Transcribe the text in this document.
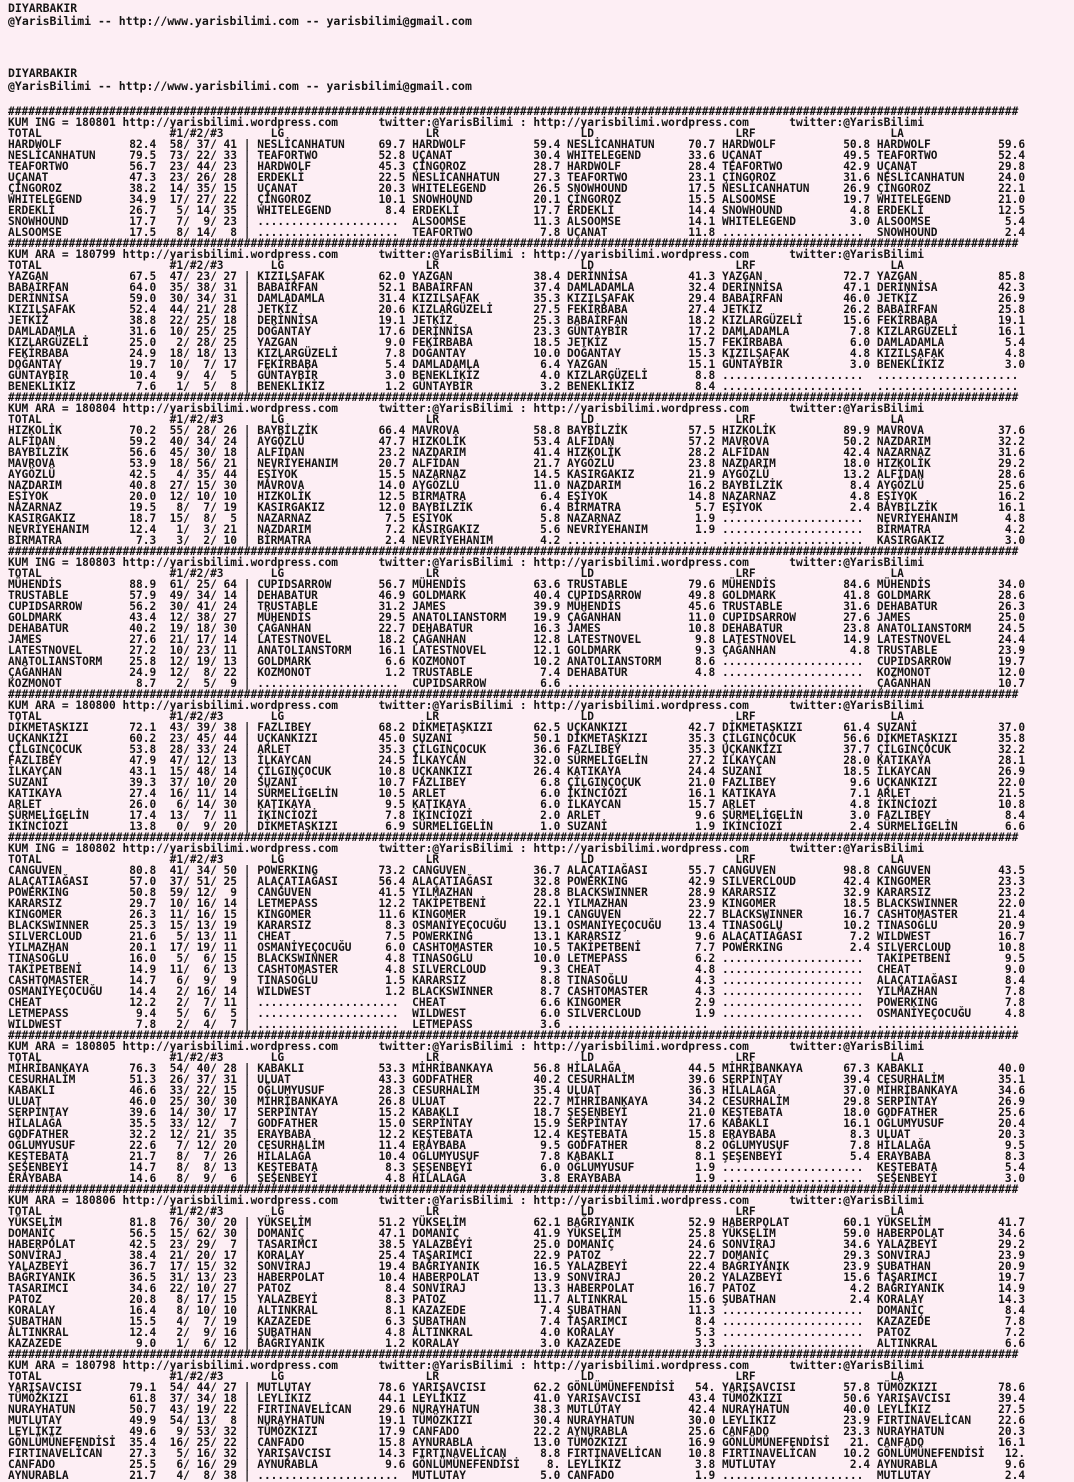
DIYARBAKIR
@YarisBilimi -- http://www.yarisbilimi.com -- yarisbilimi@gmail.com
DIYARBAKIR
@YarisBilimi -- http://www.yarisbilimi.com -- yarisbilimi@gmail.com
######################################################################################################################################################
KUM ING = 180801 http://yarisbilimi.wordpress.com      twitter:@YarisBilimi : http://yarisbilimi.wordpress.com      twitter:@YarisBilimi
TOTAL                   #1/#2/#3       LG                     LR                     LD                     LRF                    LA
HARDWOLF          82.4  58/ 37/ 41 | NESLİCANHATUN     69.7 HARDWOLF          59.4 NESLİCANHATUN     70.7 HARDWOLF          50.8 HARDWOLF          59.6
NESLİCANHATUN     79.5  73/ 22/ 33 | TEAFORTWO         52.8 UÇANAT            30.4 WHITELEGEND       33.6 UÇANAT            49.5 TEAFORTWO         52.4
TEAFORTWO         56.7  23/ 44/ 23 | HARDWOLF          45.3 ÇİNGOROZ          28.7 HARDWOLF          28.4 TEAFORTWO         42.9 UÇANAT            29.8
UÇANAT            47.3  23/ 26/ 28 | ERDEKLİ           22.5 NESLİCANHATUN     27.3 TEAFORTWO         23.1 ÇİNGOROZ          31.6 NESLİCANHATUN     24.0
ÇİNGOROZ          38.2  14/ 35/ 15 | UÇANAT            20.3 WHITELEGEND       26.5 SNOWHOUND         17.5 NESLİCANHATUN     26.9 ÇİNGOROZ          22.1
WHITELEGEND       34.9  17/ 27/ 22 | ÇİNGOROZ          10.1 SNOWHOUND         20.1 ÇİNGOROZ          15.5 ALSOOMSE          19.7 WHITELEGEND       21.0
ERDEKLİ           26.7   5/ 14/ 35 | WHITELEGEND        8.4 ERDEKLİ           17.7 ERDEKLİ           14.4 SNOWHOUND          4.8 ERDEKLİ           12.5
SNOWHOUND         17.7   7/  9/ 23 | .....................  ALSOOMSE          11.3 ALSOOMSE          14.1 WHITELEGEND        3.0 ALSOOMSE           5.4
ALSOOMSE          17.5   8/ 14/  8 | .....................  TEAFORTWO          7.8 UÇANAT            11.8 .....................  SNOWHOUND          2.4
######################################################################################################################################################
KUM ARA = 180799 http://yarisbilimi.wordpress.com      twitter:@YarisBilimi : http://yarisbilimi.wordpress.com      twitter:@YarisBilimi
TOTAL                   #1/#2/#3       LG                     LR                     LD                     LRF                    LA
YAZGAN            67.5  47/ 23/ 27 | KIZILŞAFAK        62.0 YAZGAN            38.4 DERİNNİSA         41.3 YAZGAN            72.7 YAZGAN            85.8
BABAİRFAN         64.0  35/ 38/ 31 | BABAİRFAN         52.1 BABAİRFAN         37.4 DAMLADAMLA        32.4 DERİNNİSA         47.1 DERİNNİSA         42.3
DERİNNİSA         59.0  30/ 34/ 31 | DAMLADAMLA        31.4 KIZILŞAFAK        35.3 KIZILŞAFAK        29.4 BABAİRFAN         46.0 JETKİZ            26.9
KIZILŞAFAK        52.4  44/ 21/ 28 | JETKİZ            20.6 KIZLARGÜZELİ      27.5 FEKİRBABA         27.4 JETKİZ            26.2 BABAİRFAN         25.8
JETKİZ            38.8  22/ 25/ 18 | DERİNNİSA         19.1 JETKİZ            25.3 BABAİRFAN         18.2 KIZLARGÜZELİ      15.6 FEKİRBABA         19.1
DAMLADAMLA        31.6  10/ 25/ 25 | DOĞANTAY          17.6 DERİNNİSA         23.3 GÜNTAYBİR         17.2 DAMLADAMLA         7.8 KIZLARGÜZELİ      16.1
KIZLARGÜZELİ      25.0   2/ 28/ 25 | YAZGAN             9.0 FEKİRBABA         18.5 JETKİZ            15.7 FEKİRBABA          6.0 DAMLADAMLA         5.4
FEKİRBABA         24.9  18/ 18/ 13 | KIZLARGÜZELİ       7.8 DOĞANTAY          10.0 DOĞANTAY          15.3 KIZILŞAFAK         4.8 KIZILŞAFAK         4.8
DOĞANTAY          19.7  10/  7/ 17 | FEKİRBABA          5.4 DAMLADAMLA         6.4 YAZGAN            15.1 GÜNTAYBİR          3.0 BENEKLİKİZ         3.0
GÜNTAYBİR         10.4   9/  4/  5 | GÜNTAYBİR          3.0 BENEKLİKİZ         4.0 KIZLARGÜZELİ       8.8 .....................  .....................
BENEKLİKİZ         7.6   1/  5/  8 | BENEKLİKİZ         1.2 GÜNTAYBİR          3.2 BENEKLİKİZ         8.4 .....................  .....................
######################################################################################################################################################
KUM ARA = 180804 http://yarisbilimi.wordpress.com      twitter:@YarisBilimi : http://yarisbilimi.wordpress.com      twitter:@YarisBilimi
TOTAL                   #1/#2/#3       LG                     LR                     LD                     LRF                    LA
HIZKOLİK          70.2  55/ 28/ 26 | BAYBİLZİK         66.4 MAVROVA           58.8 BAYBİLZİK         57.5 HIZKOLİK          89.9 MAVROVA           37.6
ALFİDAN           59.2  40/ 34/ 24 | AYGÖZLÜ           47.7 HIZKOLİK          53.4 ALFİDAN           57.2 MAVROVA           50.2 NAZDARIM          32.2
BAYBİLZİK         56.6  45/ 30/ 18 | ALFİDAN           23.2 NAZDARIM          41.4 HIZKOLİK          28.2 ALFİDAN           42.4 NAZARNAZ          31.6
MAVROVA           53.9  18/ 56/ 21 | NEVRİYEHANIM      20.7 ALFİDAN           21.7 AYGÖZLÜ           23.8 NAZDARIM          18.0 HIZKOLİK          29.2
AYGÖZLÜ           42.5   4/ 35/ 44 | EŞİYOK            15.5 NAZARNAZ          14.5 KASIRGAKIZ        21.9 AYGÖZLÜ           13.2 ALFİDAN           28.6
NAZDARIM          40.8  27/ 15/ 30 | MAVROVA           14.0 AYGÖZLÜ           11.0 NAZDARIM          16.2 BAYBİLZİK          8.4 AYGÖZLÜ           25.6
EŞİYOK            20.0  12/ 10/ 10 | HIZKOLİK          12.5 BİRMATRA           6.4 EŞİYOK            14.8 NAZARNAZ           4.8 EŞİYOK            16.2
NAZARNAZ          19.5   8/  7/ 19 | KASIRGAKIZ        12.0 BAYBİLZİK          6.4 BİRMATRA           5.7 EŞİYOK             2.4 BAYBİLZİK         16.1
KASIRGAKIZ        18.7  15/  8/  5 | NAZARNAZ           7.5 EŞİYOK             5.8 NAZARNAZ           1.9 .....................  NEVRİYEHANIM       4.8
NEVRİYEHANIM      12.4   1/  3/ 21 | NAZDARIM           7.2 KASIRGAKIZ         5.6 NEVRİYEHANIM       1.9 .....................  BİRMATRA           4.2
BİRMATRA           7.3   3/  2/ 10 | BİRMATRA           2.4 NEVRİYEHANIM       4.2 .....................  .....................  KASIRGAKIZ         3.0
######################################################################################################################################################
KUM ING = 180803 http://yarisbilimi.wordpress.com      twitter:@YarisBilimi : http://yarisbilimi.wordpress.com      twitter:@YarisBilimi
TOTAL                   #1/#2/#3       LG                     LR                     LD                     LRF                    LA
MÜHENDİS          88.9  61/ 25/ 64 | CUPIDSARROW       56.7 MÜHENDİS          63.6 TRUSTABLE         79.6 MÜHENDİS          84.6 MÜHENDİS          34.0
TRUSTABLE         57.9  49/ 34/ 14 | DEHABATUR         46.9 GOLDMARK          40.4 CUPIDSARROW       49.8 GOLDMARK          41.8 GOLDMARK          28.6
CUPIDSARROW       56.2  30/ 41/ 24 | TRUSTABLE         31.2 JAMES             39.9 MÜHENDİS          45.6 TRUSTABLE         31.6 DEHABATUR         26.3
GOLDMARK          43.4  12/ 38/ 27 | MÜHENDİS          29.5 ANATOLIANSTORM    19.9 ÇAĞANHAN          11.0 CUPIDSARROW       27.6 JAMES             25.0
DEHABATUR         40.2  19/ 18/ 30 | ÇAĞANHAN          22.7 DEHABATUR         16.3 JAMES             10.8 DEHABATUR         23.8 ANATOLIANSTORM    24.5
JAMES             27.6  21/ 17/ 14 | LATESTNOVEL       18.2 ÇAĞANHAN          12.8 LATESTNOVEL        9.8 LATESTNOVEL       14.9 LATESTNOVEL       24.4
LATESTNOVEL       27.2  10/ 23/ 11 | ANATOLIANSTORM    16.1 LATESTNOVEL       12.1 GOLDMARK           9.3 ÇAĞANHAN           4.8 TRUSTABLE         23.9
ANATOLIANSTORM    25.8  12/ 19/ 13 | GOLDMARK           6.6 KOZMONOT          10.2 ANATOLIANSTORM     8.6 .....................  CUPIDSARROW       19.7
ÇAĞANHAN          24.9  12/  8/ 22 | KOZMONOT           1.2 TRUSTABLE          7.4 DEHABATUR          4.8 .....................  KOZMONOT          12.0
KOZMONOT           8.7   2/  5/  9 | .....................  CUPIDSARROW        6.6 .....................  .....................  ÇAĞANHAN          10.7
######################################################################################################################################################
KUM ARA = 180800 http://yarisbilimi.wordpress.com      twitter:@YarisBilimi : http://yarisbilimi.wordpress.com      twitter:@YarisBilimi
TOTAL                   #1/#2/#3       LG                     LR                     LD                     LRF                    LA
DİKMETAŞKIZI      72.1  43/ 39/ 38 | FAZLIBEY          68.2 DİKMETAŞKIZI      62.5 UÇKANKIZI         42.7 DİKMETAŞKIZI      61.4 SUZANİ            37.0
UÇKANKIZI         60.2  23/ 45/ 44 | UÇKANKIZI         45.0 SUZANİ            50.1 DİKMETAŞKIZI      35.3 ÇİLGINÇOCUK       56.6 DİKMETAŞKIZI      35.8
ÇİLGINÇOCUK       53.8  28/ 33/ 24 | ARLET             35.3 ÇİLGINÇOCUK       36.6 FAZLIBEY          35.3 UÇKANKIZI         37.7 ÇİLGINÇOCUK       32.2
FAZLIBEY          47.9  47/ 12/ 13 | İLKAYCAN          24.5 İLKAYCAN          32.0 SÜRMELİGELİN      27.2 İLKAYCAN          28.0 KATIKAYA          28.1
İLKAYCAN          43.1  15/ 48/ 14 | ÇİLGINÇOCUK       10.8 UÇKANKIZI         26.4 KATIKAYA          24.4 SUZANİ            18.5 İLKAYCAN          26.9
SUZANİ            39.3  37/ 10/ 20 | SUZANİ            10.7 FAZLIBEY           6.8 ÇİLGINÇOCUK       21.0 FAZLIBEY           9.6 UÇKANKIZI         22.0
KATIKAYA          27.4  16/ 11/ 14 | SÜRMELİGELİN      10.5 ARLET              6.0 İKİNCİOZİ         16.1 KATIKAYA           7.1 ARLET             21.5
ARLET             26.0   6/ 14/ 30 | KATIKAYA           9.5 KATIKAYA           6.0 İLKAYCAN          15.7 ARLET              4.8 İKİNCİOZİ         10.8
SÜRMELİGELİN      17.4  13/  7/ 11 | İKİNCİOZİ          7.8 İKİNCİOZİ          2.0 ARLET              9.6 SÜRMELİGELİN       3.0 FAZLIBEY           8.4
İKİNCİOZİ         13.8   0/  9/ 20 | DİKMETAŞKIZI       6.9 SÜRMELİGELİN       1.0 SUZANİ             1.9 İKİNCİOZİ          2.4 SÜRMELİGELİN       6.6
######################################################################################################################################################
KUM ING = 180802 http://yarisbilimi.wordpress.com      twitter:@YarisBilimi : http://yarisbilimi.wordpress.com      twitter:@YarisBilimi
TOTAL                   #1/#2/#3       LG                     LR                     LD                     LRF                    LA
CANGUVEN          80.8  41/ 34/ 50 | POWERKING         73.2 CANGUVEN          36.7 ALAÇATIAĞASI      55.7 CANGUVEN          98.8 CANGUVEN          43.5
ALAÇATIAĞASI      57.0  37/ 51/ 25 | ALAÇATIAĞASI      56.4 ALAÇATIAĞASI      32.8 POWERKING         42.9 SILVERCLOUD       42.4 KINGOMER          23.3
POWERKING         50.8  59/ 12/  9 | CANGUVEN          41.5 YILMAZHAN         28.8 BLACKSWINNER      28.9 KARARSIZ          32.9 KARARSIZ          23.2
KARARSIZ          29.7  10/ 16/ 14 | LETMEPASS         12.2 TAKİPETBENİ       22.1 YILMAZHAN         23.9 KINGOMER          18.5 BLACKSWINNER      22.0
KINGOMER          26.3  11/ 16/ 15 | KINGOMER          11.6 KINGOMER          19.1 CANGUVEN          22.7 BLACKSWINNER      16.7 CASHTOMASTER      21.4
BLACKSWINNER      25.3  15/ 13/ 19 | KARARSIZ           8.3 OSMANİYEÇOCUĞU    13.1 OSMANİYEÇOCUĞU    13.4 TINASOĞLU         10.2 TINASOĞLU         20.9
SILVERCLOUD       21.6   5/ 13/ 11 | CHEAT              7.5 POWERKING         13.1 KARARSIZ           9.6 ALAÇATIAĞASI       7.2 WILDWEST          16.7
YILMAZHAN         20.1  17/ 19/ 11 | OSMANİYEÇOCUĞU     6.0 CASHTOMASTER      10.5 TAKİPETBENİ        7.7 POWERKING          2.4 SILVERCLOUD       10.8
TINASOĞLU         16.0   5/  6/ 15 | BLACKSWINNER       4.8 TINASOĞLU         10.0 LETMEPASS          6.2 .....................  TAKİPETBENİ        9.5
TAKİPETBENİ       14.9  11/  6/ 13 | CASHTOMASTER       4.8 SILVERCLOUD        9.3 CHEAT              4.8 .....................  CHEAT              9.0
CASHTOMASTER      14.7   6/  9/  9 | TINASOĞLU          1.5 KARARSIZ           8.8 TINASOĞLU          4.3 .....................  ALAÇATIAĞASI       8.4
OSMANİYEÇOCUĞU    14.4   2/ 16/ 14 | WILDWEST           1.2 BLACKSWINNER       8.7 CASHTOMASTER       4.3 .....................  YILMAZHAN          7.8
CHEAT             12.2   2/  7/ 11 | .....................  CHEAT              6.6 KINGOMER           2.9 .....................  POWERKING          7.8
LETMEPASS          9.4   5/  6/  5 | .....................  WILDWEST           6.0 SILVERCLOUD        1.9 .....................  OSMANİYEÇOCUĞU     4.8
WILDWEST           7.8   2/  4/  7 | .....................  LETMEPASS          3.6 .....................  .....................  .....................
######################################################################################################################################################
KUM ARA = 180805 http://yarisbilimi.wordpress.com      twitter:@YarisBilimi : http://yarisbilimi.wordpress.com      twitter:@YarisBilimi
TOTAL                   #1/#2/#3       LG                     LR                     LD                     LRF                    LA
MİHRİBANKAYA      76.3  54/ 40/ 28 | KABAKLI           53.3 MİHRİBANKAYA      56.8 HİLALAĞA          44.5 MİHRİBANKAYA      67.3 KABAKLI           40.0
CESURHALİM        51.3  26/ 37/ 31 | ULUAT             43.3 GODFATHER         40.2 CESURHALİM        39.6 SERPİNTAY         39.4 CESURHALİM        35.1
KABAKLI           46.6  33/ 22/ 15 | OĞLUMYUSUF        28.3 CESURHALİM        35.4 ULUAT             36.3 HİLALAĞA          37.0 MİHRİBANKAYA      34.6
ULUAT             46.0  25/ 30/ 30 | MİHRİBANKAYA      26.8 ULUAT             22.7 MİHRİBANKAYA      34.2 CESURHALİM        29.8 SERPİNTAY         26.9
SERPİNTAY         39.6  14/ 30/ 17 | SERPİNTAY         15.2 KABAKLI           18.7 ŞEŞENBEYİ         21.0 KEŞTEBATA         18.0 GODFATHER         25.6
HİLALAĞA          35.5  33/ 12/  7 | GODFATHER         15.0 SERPİNTAY         15.9 SERPİNTAY         17.6 KABAKLI           16.1 OĞLUMYUSUF        20.4
GODFATHER         32.2  12/ 21/ 35 | ERAYBABA          12.2 KEŞTEBATA         12.4 KEŞTEBATA         15.8 ERAYBABA           8.3 ULUAT             20.3
OĞLUMYUSUF        22.6   7/ 12/ 20 | CESURHALİM        11.4 ERAYBABA           9.5 GODFATHER          8.2 OĞLUMYUSUF         7.8 HİLALAĞA           9.5
KEŞTEBATA         21.7   8/  7/ 26 | HİLALAĞA          10.4 OĞLUMYUSUF         7.8 KABAKLI            8.1 ŞEŞENBEYİ          5.4 ERAYBABA           8.3
ŞEŞENBEYİ         14.7   8/  8/ 13 | KEŞTEBATA          8.3 ŞEŞENBEYİ          6.0 OĞLUMYUSUF         1.9 .....................  KEŞTEBATA          5.4
ERAYBABA          14.6   8/  9/  6 | ŞEŞENBEYİ          4.8 HİLALAĞA           3.8 ERAYBABA           1.9 .....................  ŞEŞENBEYİ          3.0
######################################################################################################################################################
KUM ARA = 180806 http://yarisbilimi.wordpress.com      twitter:@YarisBilimi : http://yarisbilimi.wordpress.com      twitter:@YarisBilimi
TOTAL                   #1/#2/#3       LG                     LR                     LD                     LRF                    LA
YÜKSELİM          81.8  76/ 30/ 20 | YÜKSELİM          51.2 YÜKSELİM          62.1 BAĞRIYANIK        52.9 HABERPOLAT        60.1 YÜKSELİM          41.7
DOMANİÇ           56.5  15/ 62/ 30 | DOMANİÇ           47.1 DOMANİÇ           41.9 YÜKSELİM          25.8 YÜKSELİM          59.0 HABERPOLAT        34.6
HABERPOLAT        42.5  23/ 29/  7 | TASARIMCI         38.5 YALAZBEYİ         25.0 DOMANİÇ           24.6 SONVİRAJ          34.6 YALAZBEYİ         29.2
SONVİRAJ          38.4  21/ 20/ 17 | KORALAY           25.4 TAŞARIMCI         22.9 PATOZ             22.7 DOMANİÇ           29.3 SONVİRAJ          23.9
YALAZBEYİ         36.7  17/ 15/ 32 | SONVİRAJ          19.4 BAĞRIYANIK        16.5 YALAZBEYİ         22.4 BAĞRIYANIK        23.9 ŞUBATHAN          20.9
BAĞRIYANIK        36.5  31/ 13/ 23 | HABERPOLAT        10.4 HABERPOLAT        13.9 SONVİRAJ          20.2 YALAZBEYİ         15.6 TAŞARIMCI         19.7
TASARIMCI         34.6  22/ 10/ 27 | PATOZ              8.4 SONVİRAJ          13.3 HABERPOLAT        16.7 PATOZ              4.2 BAĞRIYANIK        14.9
PATOZ             20.8   8/ 17/ 15 | YALAZBEYİ          8.3 PATOZ             11.7 ALTINKRAL         15.6 ŞUBATHAN           2.4 KORALAY           14.3
KORALAY           16.4   8/ 10/ 10 | ALTINKRAL          8.1 KAZAZEDE           7.4 ŞUBATHAN          11.3 .....................  DOMANİÇ            8.4
ŞUBATHAN          15.5   4/  7/ 19 | KAZAZEDE           6.3 ŞUBATHAN           7.4 TAŞARIMCI          8.4 .....................  KAZAZEDE           7.8
ALTINKRAL         12.4   2/  9/ 16 | ŞUBATHAN           4.8 ALTINKRAL          4.0 KORALAY            5.3 .....................  PATOZ              7.2
KAZAZEDE           9.0   1/  6/ 12 | BAĞRIYANIK         1.2 KORALAY            3.0 KAZAZEDE           3.3 .....................  ALTINKRAL          6.6
######################################################################################################################################################
KUM ARA = 180798 http://yarisbilimi.wordpress.com      twitter:@YarisBilimi : http://yarisbilimi.wordpress.com      twitter:@YarisBilimi
TOTAL                   #1/#2/#3       LG                     LR                     LD                     LRF                    LA
YARIŞAVCISI       79.1  54/ 44/ 27 | MUTLUTAY          78.6 YARIŞAVCISI       62.2 GÖNLÜMÜNEFENDİSİ   54. YARIŞAVCISI       57.8 TÜMÖZKIZI         78.6
TÜMÖZKIZI         61.8  37/ 34/ 18 | LEYLİKIZ          44.1 LEYLİKIZ          41.0 YARIŞAVCISI       43.4 TÜMÖZKIZI         50.6 YARIŞAVCISI       39.4
NURAYHATUN        50.7  43/ 19/ 22 | FIRTINAVELİCAN    29.6 NURAYHATUN        38.3 MUTLUTAY          42.4 NURAYHATUN        40.0 LEYLİKIZ          27.5
MUTLUTAY          49.9  54/ 13/  8 | NURAYHATUN        19.1 TÜMÖZKIZI         30.4 NURAYHATUN        30.0 LEYLİKIZ          23.9 FIRTINAVELİCAN    22.6
LEYLİKIZ          49.6   9/ 53/ 32 | TÜMÖZKIZI         17.9 CANFADO           22.2 AYNURABLA         25.6 CANFADO           23.3 NURAYHATUN        20.3
GÖNLÜMÜNEFENDİSİ  35.4  16/ 25/ 22 | CANFADO           15.8 AYNURABLA         13.0 TÜMÖZKIZI         16.9 GÖNLÜMÜNEFENDİSİ   21. CANFADO           16.1
FIRTINAVELİCAN    27.3   5/ 16/ 32 | YARIŞAVCISI       14.3 FIRTINAVELİCAN     8.8 FIRTINAVELİCAN    10.8 FIRTINAVELİCAN    10.2 GÖNLÜMÜNEFENDİSİ   12.
CANFADO           25.5   6/ 16/ 29 | AYNURABLA          9.6 GÖNLÜMÜNEFENDİSİ    8. LEYLİKIZ           3.8 MUTLUTAY           2.4 AYNURABLA          9.6
AYNURABLA         21.7   4/  8/ 38 | .....................  MUTLUTAY           5.0 CANFADO            1.9 .....................  MUTLUTAY           2.4
